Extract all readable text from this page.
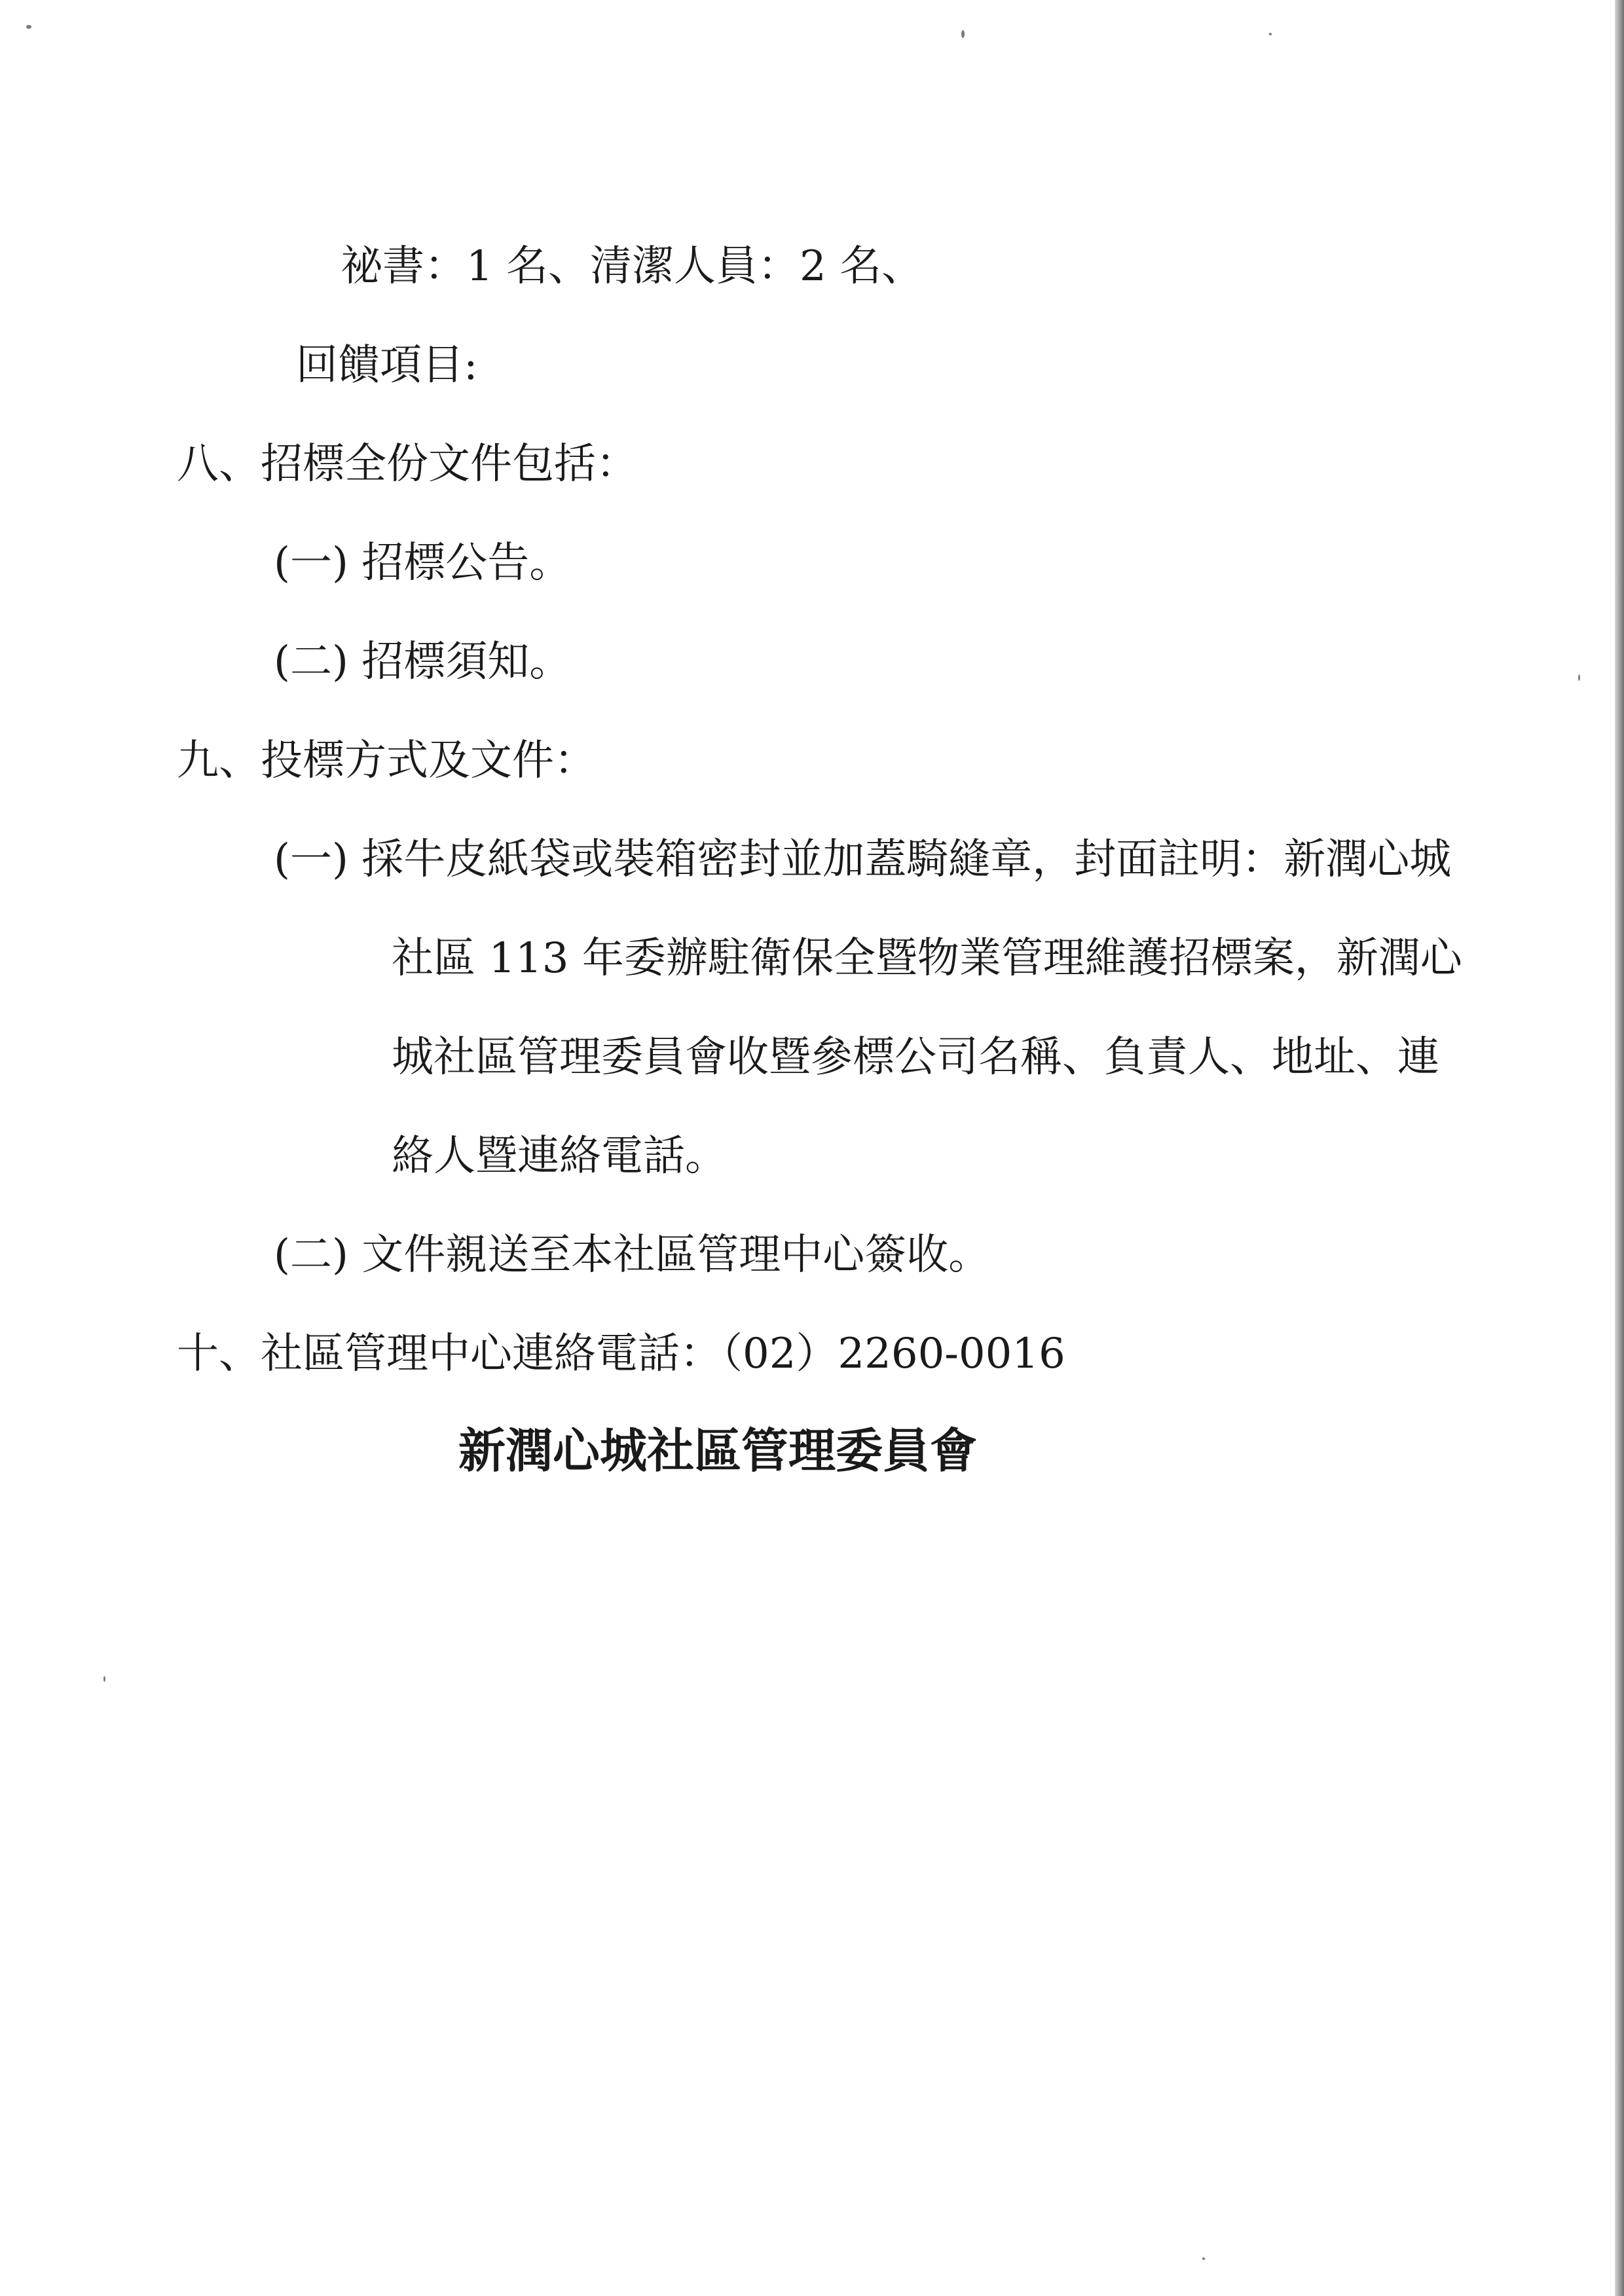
祕書：1 名、清潔人員：2 名、
回饋項目:
八、招標全份文件包括：
(一) 招標公告。
(二) 招標須知。
九、投標方式及文件：
(一) 採牛皮紙袋或裝箱密封並加蓋騎縫章，封面註明：新潤心城
社區 113 年委辦駐衛保全暨物業管理維護招標案，新潤心
城社區管理委員會收暨參標公司名稱、負責人、地址、連
絡人暨連絡電話。
(二) 文件親送至本社區管理中心簽收。
十、社區管理中心連絡電話：（02）2260-0016
新潤心城社區管理委員會
